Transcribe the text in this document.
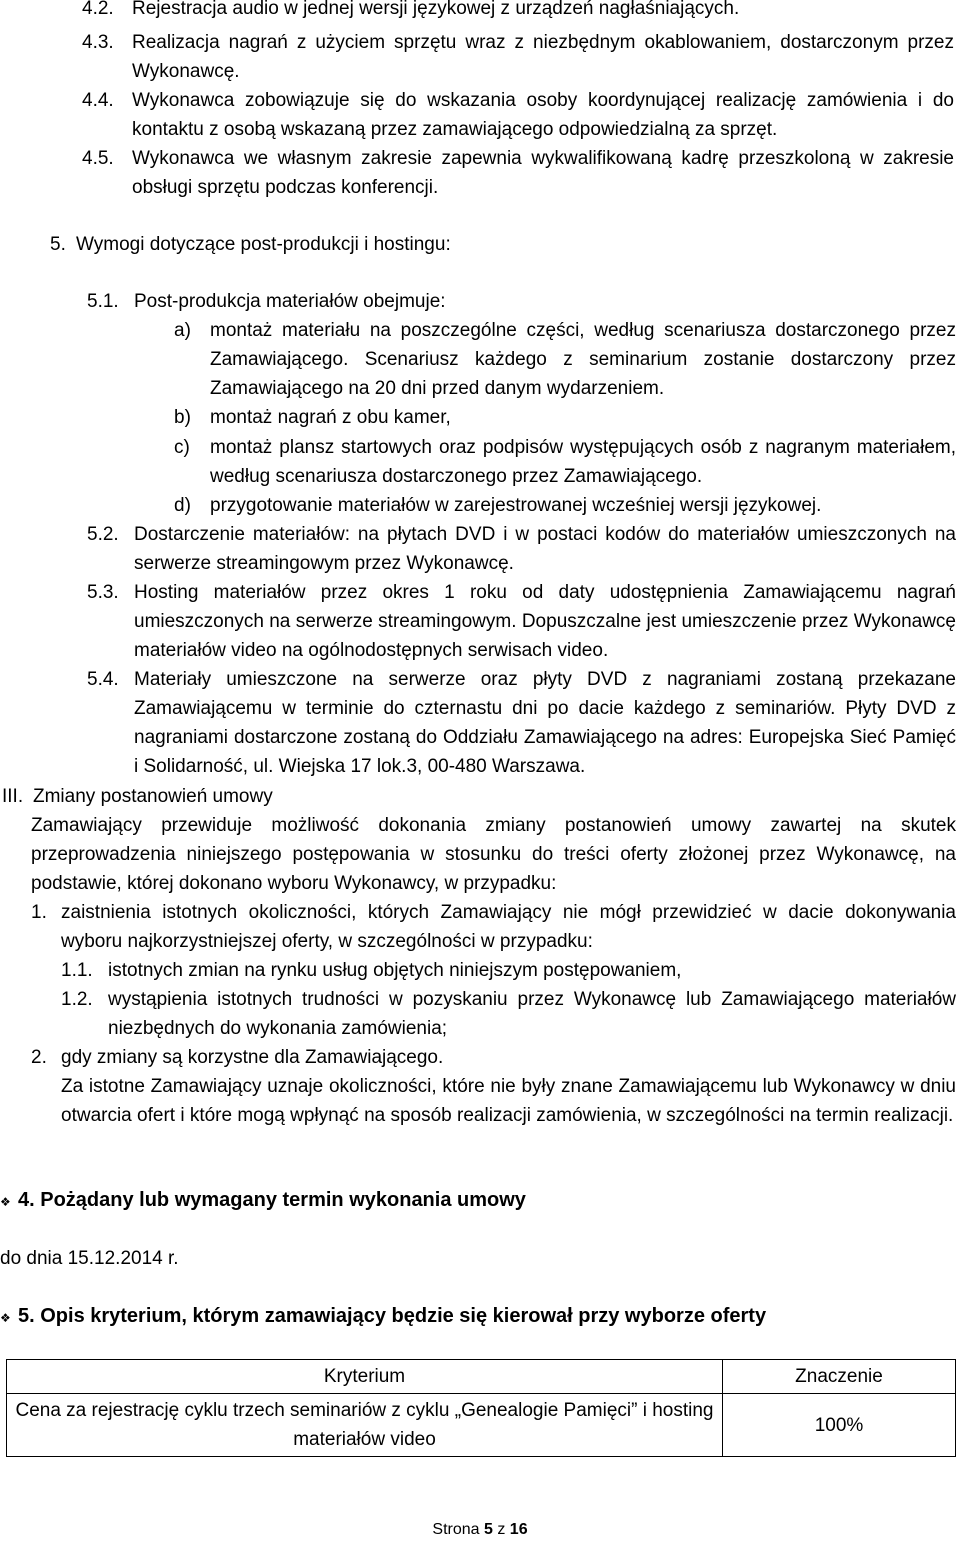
4.2. Rejestracja audio w jednej wersji językowej z urządzeń nagłaśniających.
4.3. Realizacja nagrań z użyciem sprzętu wraz z niezbędnym okablowaniem, dostarczonym przez Wykonawcę.
4.4. Wykonawca zobowiązuje się do wskazania osoby koordynującej realizację zamówienia i do kontaktu z osobą wskazaną przez zamawiającego odpowiedzialną za sprzęt.
4.5. Wykonawca we własnym zakresie zapewnia wykwalifikowaną kadrę przeszkoloną w zakresie obsługi sprzętu podczas konferencji.
5. Wymogi dotyczące post-produkcji i hostingu:
5.1. Post-produkcja materiałów obejmuje:
a)	montaż materiału na poszczególne części, według scenariusza dostarczonego przez Zamawiającego. Scenariusz każdego z seminarium zostanie dostarczony przez Zamawiającego na 20 dni przed danym wydarzeniem.
b)	montaż nagrań z obu kamer,
c)	montaż plansz startowych oraz podpisów występujących osób z nagranym materiałem, według scenariusza dostarczonego przez Zamawiającego.
d)	przygotowanie materiałów w zarejestrowanej wcześniej wersji językowej.
5.2. Dostarczenie materiałów: na płytach DVD i w postaci kodów do materiałów umieszczonych na serwerze streamingowym przez Wykonawcę.
5.3. Hosting materiałów przez okres 1 roku od daty udostępnienia Zamawiającemu nagrań umieszczonych na serwerze streamingowym. Dopuszczalne jest umieszczenie przez Wykonawcę materiałów video na ogólnodostępnych serwisach video.
5.4. Materiały umieszczone na serwerze oraz płyty DVD z nagraniami zostaną przekazane Zamawiającemu w terminie do czternastu dni po dacie każdego z seminariów. Płyty DVD z nagraniami dostarczone zostaną do Oddziału Zamawiającego na adres: Europejska Sieć Pamięć i Solidarność, ul. Wiejska 17 lok.3, 00-480 Warszawa.
III. Zmiany postanowień umowy
Zamawiający przewiduje możliwość dokonania zmiany postanowień umowy zawartej na skutek przeprowadzenia niniejszego postępowania w stosunku do treści oferty złożonej przez Wykonawcę, na podstawie, której dokonano wyboru Wykonawcy, w przypadku:
1. zaistnienia istotnych okoliczności, których Zamawiający nie mógł przewidzieć w dacie dokonywania wyboru najkorzystniejszej oferty, w szczególności w przypadku:
1.1. istotnych zmian na rynku usług objętych niniejszym postępowaniem,
1.2. wystąpienia istotnych trudności w pozyskaniu przez Wykonawcę lub Zamawiającego materiałów niezbędnych do wykonania zamówienia;
2. gdy zmiany są korzystne dla Zamawiającego.
Za istotne Zamawiający uznaje okoliczności, które nie były znane Zamawiającemu lub Wykonawcy w dniu otwarcia ofert i które mogą wpłynąć na sposób realizacji zamówienia, w szczególności na termin realizacji.
❖ 4. Pożądany lub wymagany termin wykonania umowy
do dnia 15.12.2014 r.
❖ 5. Opis kryterium, którym zamawiający będzie się kierował przy wyborze oferty
Kryterium	Znaczenie
Cena za rejestrację cyklu trzech seminariów z cyklu „Genealogie Pamięci” i hosting materiałów video	100%
Strona 5 z 16
